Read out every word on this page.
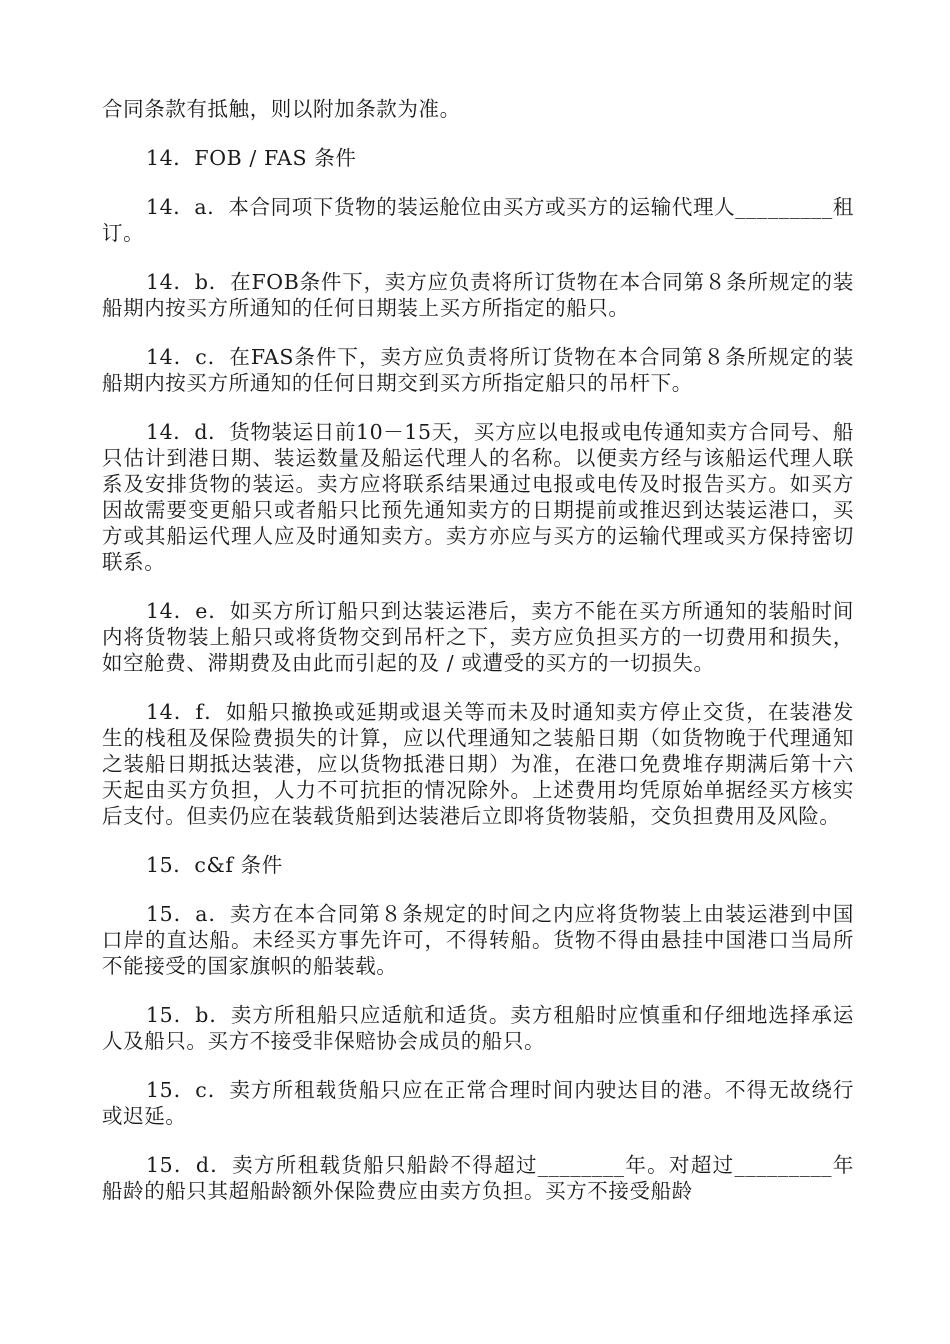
合同条款有抵触，则以附加条款为准。

14．FOB / FAS 条件

14．a．本合同项下货物的装运舱位由买方或买方的运输代理人_________租订。

14．b．在FOB条件下，卖方应负责将所订货物在本合同第８条所规定的装船期内按买方所通知的任何日期装上买方所指定的船只。

14．c．在FAS条件下，卖方应负责将所订货物在本合同第８条所规定的装船期内按买方所通知的任何日期交到买方所指定船只的吊杆下。

14．d．货物装运日前10－15天，买方应以电报或电传通知卖方合同号、船只估计到港日期、装运数量及船运代理人的名称。以便卖方经与该船运代理人联系及安排货物的装运。卖方应将联系结果通过电报或电传及时报告买方。如买方因故需要变更船只或者船只比预先通知卖方的日期提前或推迟到达装运港口，买方或其船运代理人应及时通知卖方。卖方亦应与买方的运输代理或买方保持密切联系。

14．e．如买方所订船只到达装运港后，卖方不能在买方所通知的装船时间内将货物装上船只或将货物交到吊杆之下，卖方应负担买方的一切费用和损失，如空舱费、滞期费及由此而引起的及 / 或遭受的买方的一切损失。

14．f．如船只撤换或延期或退关等而未及时通知卖方停止交货，在装港发生的栈租及保险费损失的计算，应以代理通知之装船日期（如货物晚于代理通知之装船日期抵达装港，应以货物抵港日期）为准，在港口免费堆存期满后第十六天起由买方负担，人力不可抗拒的情况除外。上述费用均凭原始单据经买方核实后支付。但卖仍应在装载货船到达装港后立即将货物装船，交负担费用及风险。

15．c&f 条件

15．a．卖方在本合同第８条规定的时间之内应将货物装上由装运港到中国口岸的直达船。未经买方事先许可，不得转船。货物不得由悬挂中国港口当局所不能接受的国家旗帜的船装载。

15．b．卖方所租船只应适航和适货。卖方租船时应慎重和仔细地选择承运人及船只。买方不接受非保赔协会成员的船只。

15．c．卖方所租载货船只应在正常合理时间内驶达目的港。不得无故绕行或迟延。

15．d．卖方所租载货船只船龄不得超过________年。对超过_________年船龄的船只其超船龄额外保险费应由卖方负担。买方不接受船龄
